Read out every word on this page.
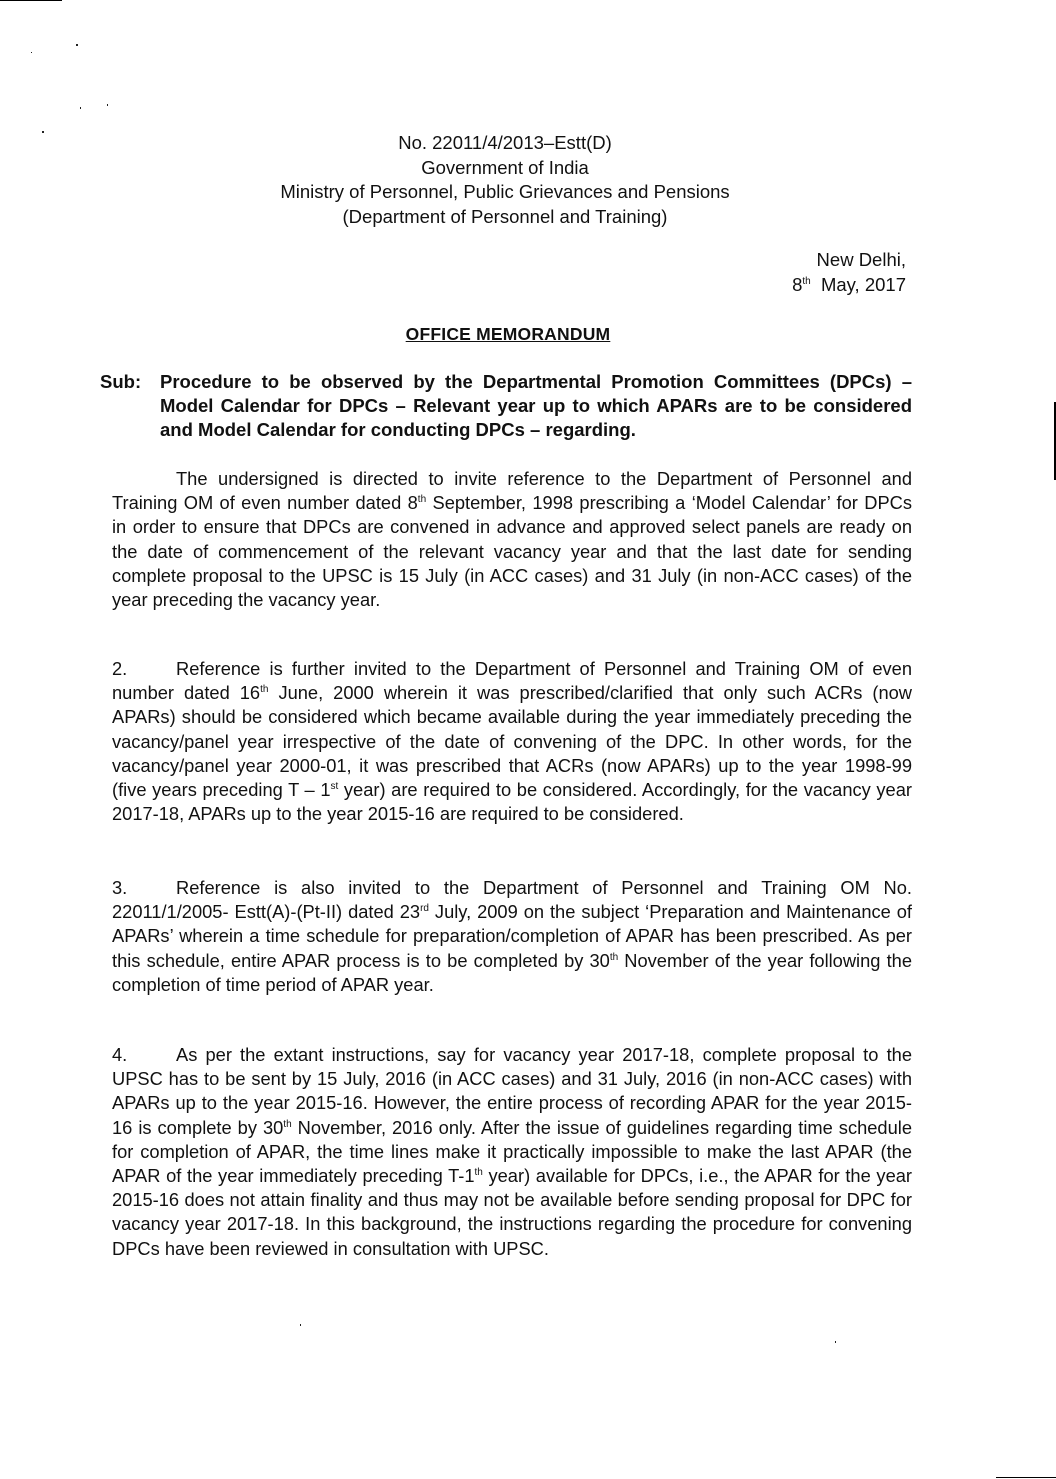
No. 22011/4/2013–Estt(D)
Government of India
Ministry of Personnel, Public Grievances and Pensions
(Department of Personnel and Training)
New Delhi,
8th May, 2017
OFFICE MEMORANDUM
Sub: Procedure to be observed by the Departmental Promotion Committees (DPCs) – Model Calendar for DPCs – Relevant year up to which APARs are to be considered and Model Calendar for conducting DPCs – regarding.
The undersigned is directed to invite reference to the Department of Personnel and Training OM of even number dated 8th September, 1998 prescribing a ‘Model Calendar’ for DPCs in order to ensure that DPCs are convened in advance and approved select panels are ready on the date of commencement of the relevant vacancy year and that the last date for sending complete proposal to the UPSC is 15 July (in ACC cases) and 31 July (in non-ACC cases) of the year preceding the vacancy year.
2.	Reference is further invited to the Department of Personnel and Training OM of even number dated 16th June, 2000 wherein it was prescribed/clarified that only such ACRs (now APARs) should be considered which became available during the year immediately preceding the vacancy/panel year irrespective of the date of convening of the DPC. In other words, for the vacancy/panel year 2000-01, it was prescribed that ACRs (now APARs) up to the year 1998-99 (five years preceding T – 1st year) are required to be considered. Accordingly, for the vacancy year 2017-18, APARs up to the year 2015-16 are required to be considered.
3.	Reference is also invited to the Department of Personnel and Training OM No. 22011/1/2005- Estt(A)-(Pt-II) dated 23rd July, 2009 on the subject ‘Preparation and Maintenance of APARs’ wherein a time schedule for preparation/completion of APAR has been prescribed. As per this schedule, entire APAR process is to be completed by 30th November of the year following the completion of time period of APAR year.
4.	As per the extant instructions, say for vacancy year 2017-18, complete proposal to the UPSC has to be sent by 15 July, 2016 (in ACC cases) and 31 July, 2016 (in non-ACC cases) with APARs up to the year 2015-16. However, the entire process of recording APAR for the year 2015-16 is complete by 30th November, 2016 only. After the issue of guidelines regarding time schedule for completion of APAR, the time lines make it practically impossible to make the last APAR (the APAR of the year immediately preceding T-1th year) available for DPCs, i.e., the APAR for the year 2015-16 does not attain finality and thus may not be available before sending proposal for DPC for vacancy year 2017-18. In this background, the instructions regarding the procedure for convening DPCs have been reviewed in consultation with UPSC.
